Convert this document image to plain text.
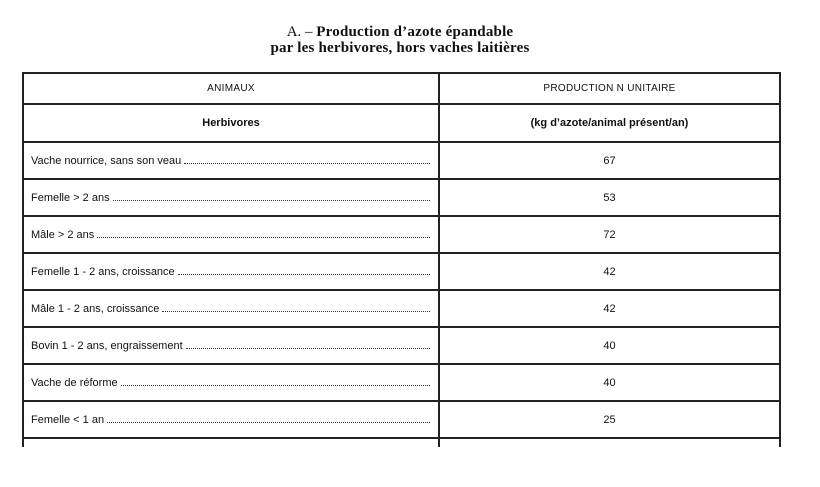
A. – Production d’azote épandable
par les herbivores, hors vaches laitières
ANIMAUX	PRODUCTION N UNITAIRE
Herbivores	(kg d’azote/animal présent/an)

Vache nourrice, sans son veau	67

Femelle > 2 ans	53

Mâle > 2 ans	72

Femelle 1 - 2 ans, croissance	42

Mâle 1 - 2 ans, croissance	42

Bovin 1 - 2 ans, engraissement	40

Vache de réforme	40

Femelle < 1 an	25
